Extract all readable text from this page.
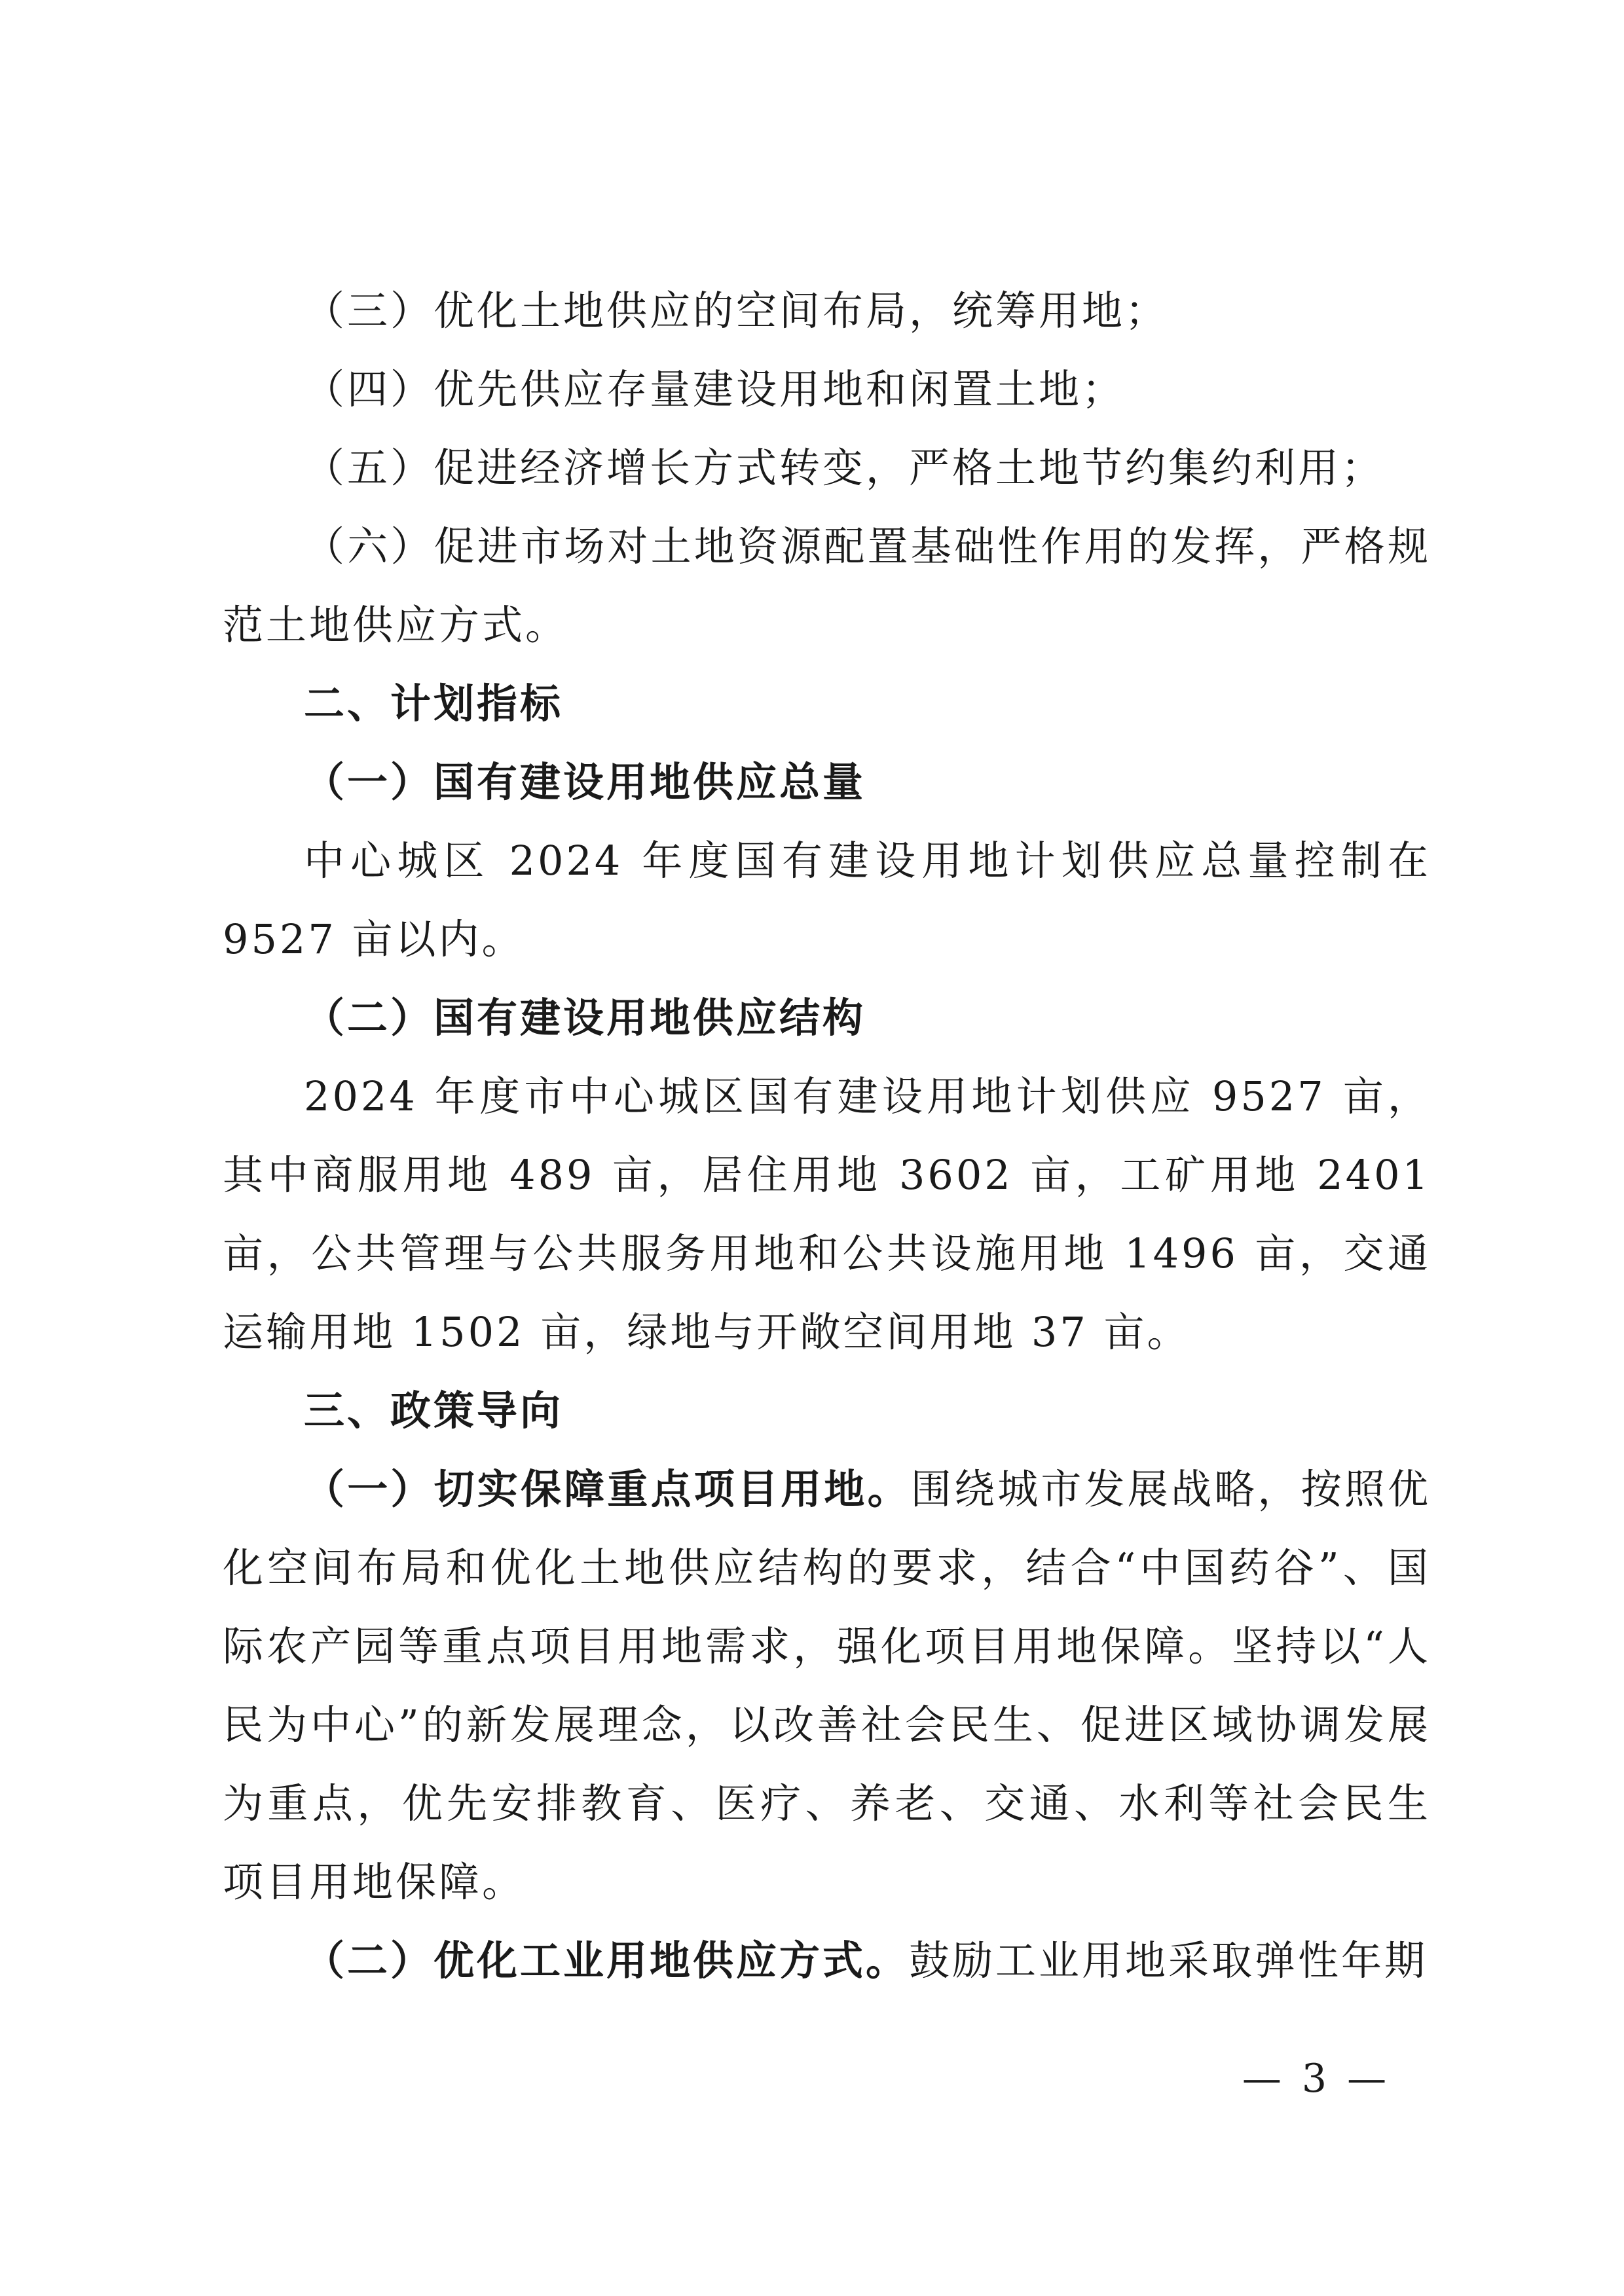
（三）优化土地供应的空间布局，统筹用地；

（四）优先供应存量建设用地和闲置土地；

（五）促进经济增长方式转变，严格土地节约集约利用；

（六）促进市场对土地资源配置基础性作用的发挥，严格规范土地供应方式。

二、计划指标

（一）国有建设用地供应总量

中心城区 2024 年度国有建设用地计划供应总量控制在 9527 亩以内。

（二）国有建设用地供应结构

2024 年度市中心城区国有建设用地计划供应 9527 亩，其中商服用地 489 亩，居住用地 3602 亩，工矿用地 2401 亩，公共管理与公共服务用地和公共设施用地 1496 亩，交通运输用地 1502 亩，绿地与开敞空间用地 37 亩。

三、政策导向

（一）切实保障重点项目用地。围绕城市发展战略，按照优化空间布局和优化土地供应结构的要求，结合“中国药谷”、国际农产园等重点项目用地需求，强化项目用地保障。坚持以“人民为中心”的新发展理念，以改善社会民生、促进区域协调发展为重点，优先安排教育、医疗、养老、交通、水利等社会民生项目用地保障。

（二）优化工业用地供应方式。鼓励工业用地采取弹性年期

— 3 —
